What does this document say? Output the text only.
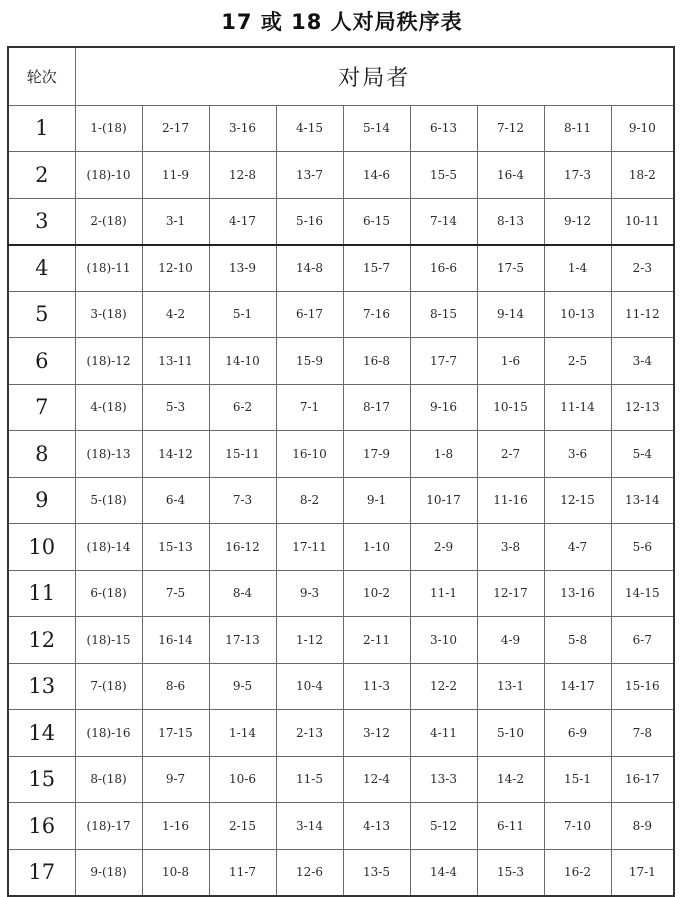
17 或 18 人对局秩序表
轮次	对局者								
1	1-(18)	2-17	3-16	4-15	5-14	6-13	7-12	8-11	9-10
2	(18)-10	11-9	12-8	13-7	14-6	15-5	16-4	17-3	18-2
3	2-(18)	3-1	4-17	5-16	6-15	7-14	8-13	9-12	10-11
4	(18)-11	12-10	13-9	14-8	15-7	16-6	17-5	1-4	2-3
5	3-(18)	4-2	5-1	6-17	7-16	8-15	9-14	10-13	11-12
6	(18)-12	13-11	14-10	15-9	16-8	17-7	1-6	2-5	3-4
7	4-(18)	5-3	6-2	7-1	8-17	9-16	10-15	11-14	12-13
8	(18)-13	14-12	15-11	16-10	17-9	1-8	2-7	3-6	5-4
9	5-(18)	6-4	7-3	8-2	9-1	10-17	11-16	12-15	13-14
10	(18)-14	15-13	16-12	17-11	1-10	2-9	3-8	4-7	5-6
11	6-(18)	7-5	8-4	9-3	10-2	11-1	12-17	13-16	14-15
12	(18)-15	16-14	17-13	1-12	2-11	3-10	4-9	5-8	6-7
13	7-(18)	8-6	9-5	10-4	11-3	12-2	13-1	14-17	15-16
14	(18)-16	17-15	1-14	2-13	3-12	4-11	5-10	6-9	7-8
15	8-(18)	9-7	10-6	11-5	12-4	13-3	14-2	15-1	16-17
16	(18)-17	1-16	2-15	3-14	4-13	5-12	6-11	7-10	8-9
17	9-(18)	10-8	11-7	12-6	13-5	14-4	15-3	16-2	17-1
